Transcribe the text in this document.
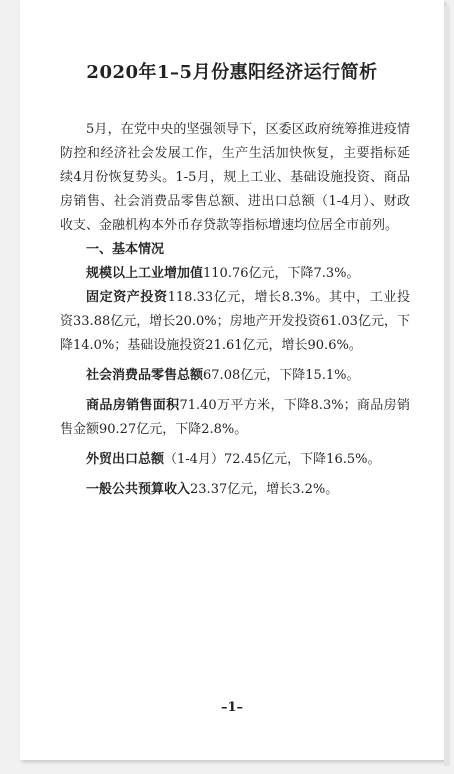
2020年1–5月份惠阳经济运行简析

5月，在党中央的坚强领导下，区委区政府统筹推进疫情防控和经济社会发展工作，生产生活加快恢复，主要指标延续4月份恢复势头。1-5月，规上工业、基础设施投资、商品房销售、社会消费品零售总额、进出口总额（1-4月）、财政收支、金融机构本外币存贷款等指标增速均位居全市前列。

一、基本情况

规模以上工业增加值110.76亿元，下降7.3%。

固定资产投资118.33亿元，增长8.3%。其中，工业投资33.88亿元，增长20.0%；房地产开发投资61.03亿元，下降14.0%；基础设施投资21.61亿元，增长90.6%。

社会消费品零售总额67.08亿元，下降15.1%。

商品房销售面积71.40万平方米，下降8.3%；商品房销售金额90.27亿元，下降2.8%。

外贸出口总额（1-4月）72.45亿元，下降16.5%。

一般公共预算收入23.37亿元，增长3.2%。

–1–
